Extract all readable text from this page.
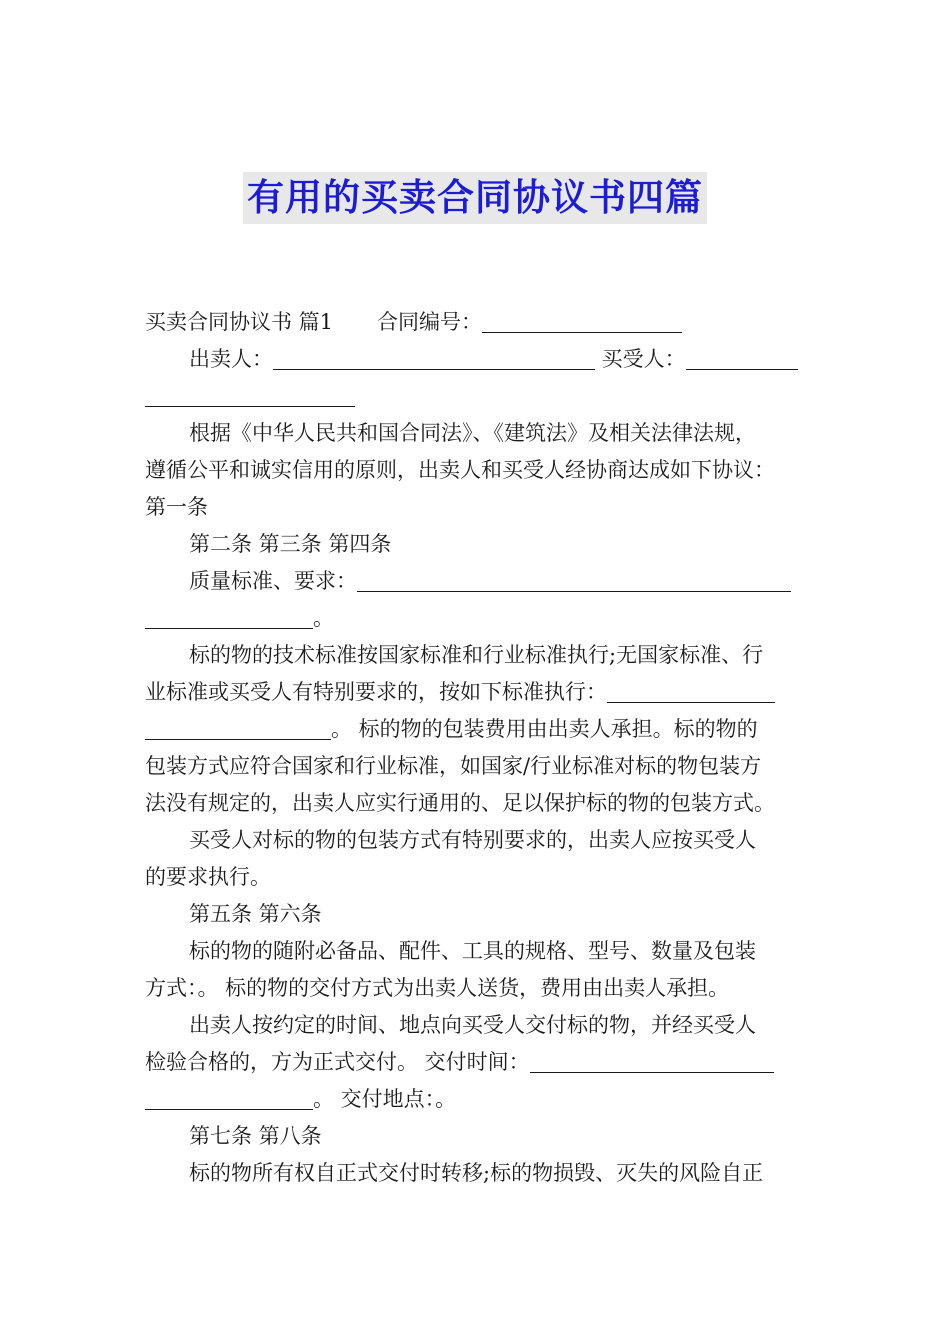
有用的买卖合同协议书四篇
买卖合同协议书 篇1 合同编号：
出卖人：	买受人：
根据《中华人民共和国合同法》、《建筑法》及相关法律法规，
遵循公平和诚实信用的原则，出卖人和买受人经协商达成如下协议：
第一条
第二条 第三条 第四条
质量标准、要求：
。
标的物的技术标准按国家标准和行业标准执行;无国家标准、行
业标准或买受人有特别要求的，按如下标准执行：
。 标的物的包装费用由出卖人承担。标的物的
包装方式应符合国家和行业标准，如国家/行业标准对标的物包装方
法没有规定的，出卖人应实行通用的、足以保护标的物的包装方式。
买受人对标的物的包装方式有特别要求的，出卖人应按买受人
的要求执行。
第五条 第六条
标的物的随附必备品、配件、工具的规格、型号、数量及包装
方式：。 标的物的交付方式为出卖人送货，费用由出卖人承担。
出卖人按约定的时间、地点向买受人交付标的物，并经买受人
检验合格的，方为正式交付。 交付时间：
。 交付地点：。
第七条 第八条
标的物所有权自正式交付时转移;标的物损毁、灭失的风险自正
